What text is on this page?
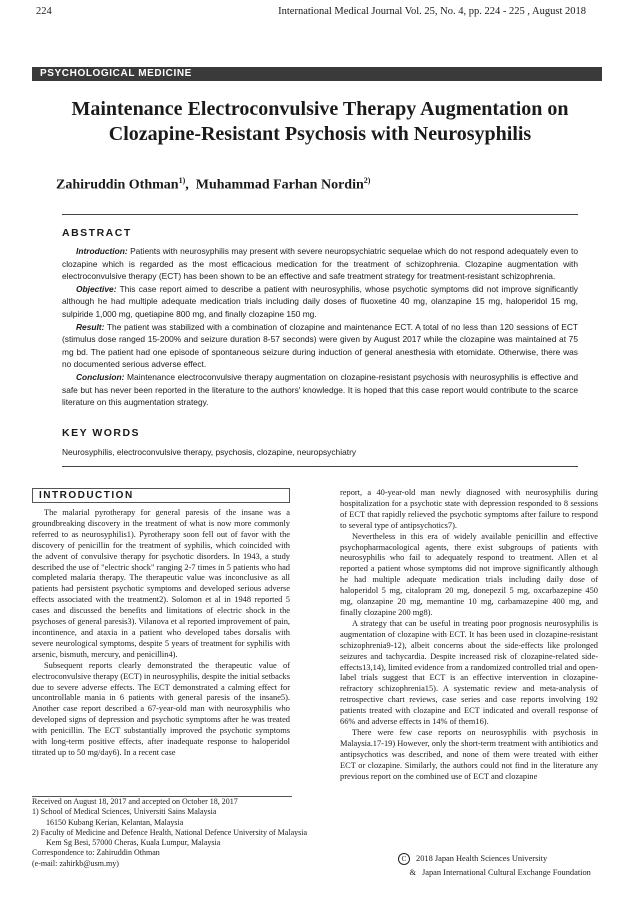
224	International Medical Journal Vol. 25, No. 4, pp. 224 - 225 , August 2018
PSYCHOLOGICAL MEDICINE
Maintenance Electroconvulsive Therapy Augmentation on
Clozapine-Resistant Psychosis with Neurosyphilis
Zahiruddin Othman$^{1)}$,  Muhammad Farhan Nordin$^{2)}$
ABSTRACT

Introduction: Patients with neurosyphilis may present with severe neuropsychiatric sequelae which do not respond adequately even to clozapine which is regarded as the most efficacious medication for the treatment of schizophrenia. Clozapine augmentation with electroconvulsive therapy (ECT) has been shown to be an effective and safe treatment strategy for treatment-resistant schizophrenia.

Objective: This case report aimed to describe a patient with neurosyphilis, whose psychotic symptoms did not improve significantly although he had multiple adequate medication trials including daily doses of fluoxetine 40 mg, olanzapine 15 mg, haloperidol 15 mg, sulpiride 1,000 mg, quetiapine 800 mg, and finally clozapine 150 mg.

Result: The patient was stabilized with a combination of clozapine and maintenance ECT. A total of no less than 120 sessions of ECT (stimulus dose ranged 15-200% and seizure duration 8-57 seconds) were given by August 2017 while the clozapine was maintained at 75 mg bd. The patient had one episode of spontaneous seizure during induction of general anesthesia with etomidate. Otherwise, there was no documented serious adverse effect.

Conclusion: Maintenance electroconvulsive therapy augmentation on clozapine-resistant psychosis with neurosyphilis is effective and safe but has never been reported in the literature to the authors' knowledge. It is hoped that this case report would contribute to the scarce literature on this augmentation strategy.

KEY WORDS
Neurosyphilis, electroconvulsive therapy, psychosis, clozapine, neuropsychiatry
INTRODUCTION

The malarial pyrotherapy for general paresis of the insane was a groundbreaking discovery in the treatment of what is now more commonly referred to as neurosyphilis1). Pyrotherapy soon fell out of favor with the discovery of penicillin for the treatment of syphilis, which coincided with the advent of convulsive therapy for psychotic disorders. In 1943, a study described the use of "electric shock" ranging 2-7 times in 5 patients who had completed malaria therapy. The therapeutic value was inconclusive as all patients had persistent psychotic symptoms and developed serious adverse effects associated with the treatment2). Solomon et al in 1948 reported 5 cases and discussed the benefits and limitations of electric shock in the psychoses of general paresis3). Vilanova et al reported improvement of pain, incontinence, and ataxia in a patient who developed tabes dorsalis with severe neurological symptoms, despite 5 years of treatment for syphilis with arsenic, bismuth, mercury, and penicillin4).

Subsequent reports clearly demonstrated the therapeutic value of electroconvulsive therapy (ECT) in neurosyphilis, despite the initial setbacks due to severe adverse effects. The ECT demonstrated a calming effect for uncontrollable mania in 6 patients with general paresis of the insane5). Another case report described a 67-year-old man with neurosyphilis who developed signs of depression and psychotic symptoms after he was treated with penicillin. The ECT substantially improved the psychotic symptoms with long-term positive effects, after inadequate response to haloperidol titrated up to 50 mg/day6). In a recent case

report, a 40-year-old man newly diagnosed with neurosyphilis during hospitalization for a psychotic state with depression responded to 8 sessions of ECT that rapidly relieved the psychotic symptoms after failure to respond to several type of antipsychotics7).

Nevertheless in this era of widely available penicillin and effective psychopharmacological agents, there exist subgroups of patients with neurosyphilis who fail to adequately respond to treatment. Allen et al reported a patient whose symptoms did not improve significantly although he had multiple adequate medication trials including daily dose of haloperidol 5 mg, citalopram 20 mg, donepezil 5 mg, oxcarbazepine 450 mg, olanzapine 20 mg, memantine 10 mg, carbamazepine 400 mg, and finally clozapine 200 mg8).

A strategy that can be useful in treating poor prognosis neurosyphilis is augmentation of clozapine with ECT. It has been used in clozapine-resistant schizophrenia9-12), albeit concerns about the side-effects like prolonged seizures and tachycardia. Despite increased risk of clozapine-related side-effects13,14), limited evidence from a randomized controlled trial and open-label trials suggest that ECT is an effective intervention in clozapine-refractory schizophrenia15). A systematic review and meta-analysis of retrospective chart reviews, case series and case reports involving 192 patients treated with clozapine and ECT indicated and overall response of 66% and adverse effects in 14% of them16).

There were few case reports on neurosyphilis with psychosis in Malaysia.17-19) However, only the short-term treatment with antibiotics and antipsychotics was described, and none of them were treated with either ECT or clozapine. Similarly, the authors could not find in the literature any previous report on the combined use of ECT and clozapine

Received on August 18, 2017 and accepted on October 18, 2017
1) School of Medical Sciences, Universiti Sains Malaysia
16150 Kubang Kerian, Kelantan, Malaysia
2) Faculty of Medicine and Defence Health, National Defence University of Malaysia
Kem Sg Besi, 57000 Cheras, Kuala Lumpur, Malaysia
Correspondence to: Zahiruddin Othman
(e-mail: zahirkb@usm.my)	C 2018 Japan Health Sciences University
& Japan International Cultural Exchange Foundation
